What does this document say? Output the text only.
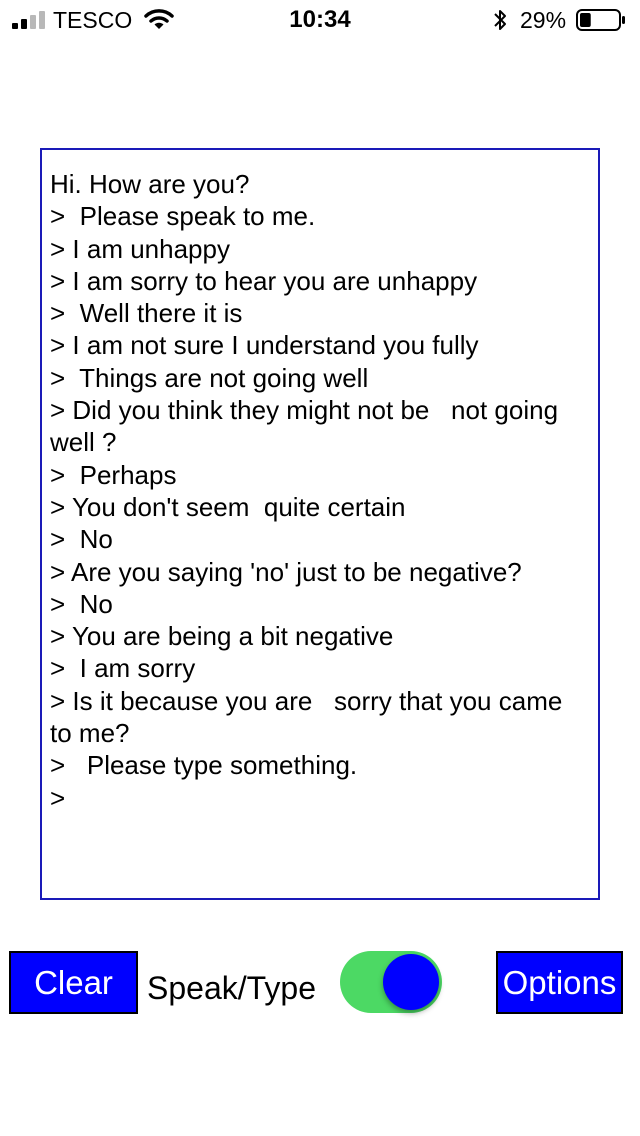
TESCO	10:34	29%
Hi. How are you?
>  Please speak to me.
> I am unhappy
> I am sorry to hear you are unhappy
>  Well there it is
> I am not sure I understand you fully
>  Things are not going well
> Did you think they might not be   not going well ?
>  Perhaps
> You don't seem  quite certain
>  No
> Are you saying 'no' just to be negative?
>  No
> You are being a bit negative
>  I am sorry
> Is it because you are   sorry that you came to me?
>   Please type something.
>
Clear	Speak/Type	Options
